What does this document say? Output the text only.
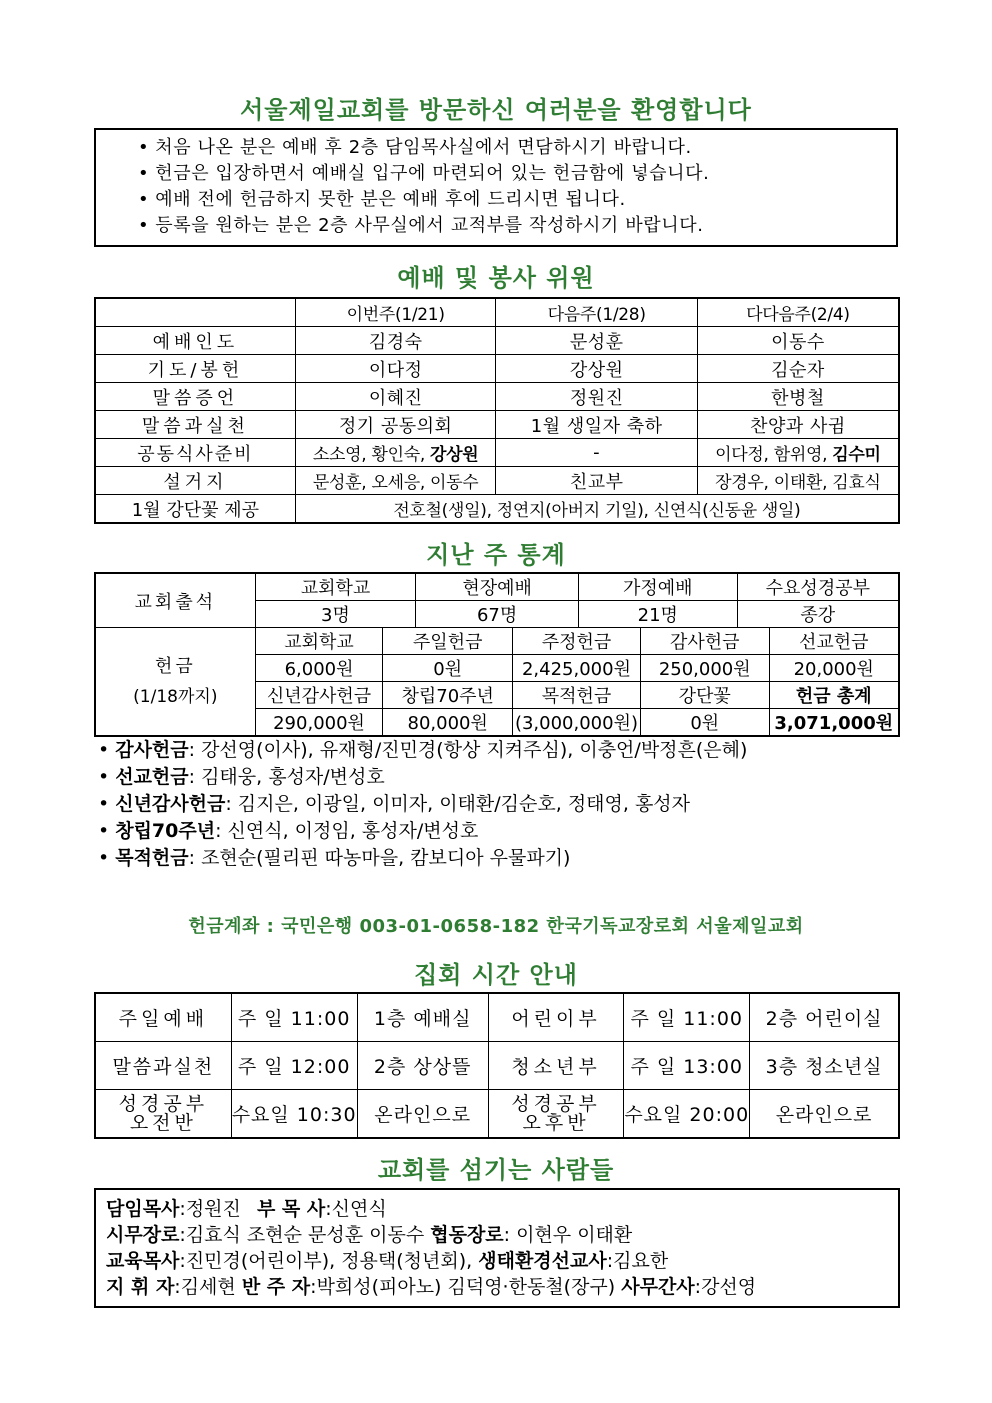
서울제일교회를 방문하신 여러분을 환영합니다
• 처음 나온 분은 예배 후 2층 담임목사실에서 면담하시기 바랍니다.
• 헌금은 입장하면서 예배실 입구에 마련되어 있는 헌금함에 넣습니다.
• 예배 전에 헌금하지 못한 분은 예배 후에 드리시면 됩니다.
• 등록을 원하는 분은 2층 사무실에서 교적부를 작성하시기 바랍니다.
예배 및 봉사 위원
	이번주(1/21)	다음주(1/28)	다다음주(2/4)
예배인도	김경숙	문성훈	이동수
기도/봉헌	이다정	강상원	김순자
말씀증언	이혜진	정원진	한병철
말씀과실천	정기 공동의회	1월 생일자 축하	찬양과 사귐
공동식사준비	소소영, 황인숙, 강상원	-	이다정, 함위영, 김수미
설거지	문성훈, 오세응, 이동수	친교부	장경우, 이태환, 김효식
1월 강단꽃 제공	전호철(생일), 정연지(아버지 기일), 신연식(신동윤 생일)		
지난 주 통계
교회출석	교회학교		현장예배		가정예배		수요성경공부	
	3명		67명		21명		종강	

헌금
(1/18까지)	교회학교	주일헌금		주정헌금		감사헌금		선교헌금
	6,000원	0원		2,425,000원		250,000원		20,000원
	신년감사헌금	창립70주년		목적헌금		강단꽃		헌금 총계
	290,000원	80,000원		(3,000,000원)		0원		3,071,000원
• 감사헌금: 강선영(이사), 유재형/진민경(항상 지켜주심), 이충언/박정흔(은혜)
• 선교헌금: 김태웅, 홍성자/변성호
• 신년감사헌금: 김지은, 이광일, 이미자, 이태환/김순호, 정태영, 홍성자
• 창립70주년: 신연식, 이정임, 홍성자/변성호
• 목적헌금: 조현순(필리핀 따농마을, 캄보디아 우물파기)
헌금계좌 : 국민은행 003-01-0658-182 한국기독교장로회 서울제일교회
집회 시간 안내
주일예배	주 일 11:00	1층 예배실	어린이부	주 일 11:00	2층 어린이실
말씀과실천	주 일 12:00	2층 상상뜰	청소년부	주 일 13:00	3층 청소년실
성경공부 오전반	수요일 10:30	온라인으로	성경공부 오후반	수요일 20:00	온라인으로
교회를 섬기는 사람들
담임목사:정원진 부 목 사:신연식
시무장로:김효식 조현순 문성훈 이동수 협동장로: 이현우 이태환
교육목사:진민경(어린이부), 정용택(청년회), 생태환경선교사:김요한
지 휘 자:김세현 반 주 자:박희성(피아노) 김덕영·한동철(장구) 사무간사:강선영
